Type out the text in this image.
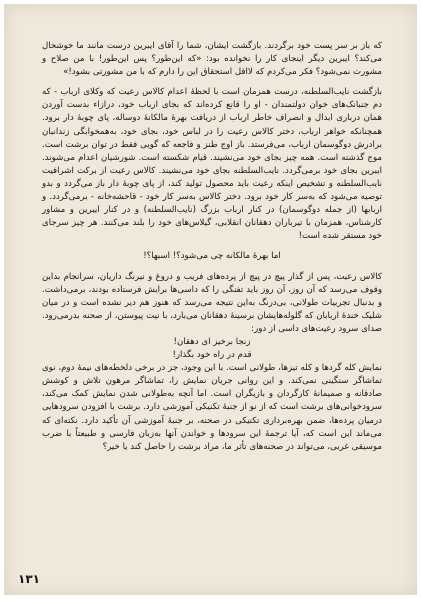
که باز بر سر پست خود برگردند. بازگشت ایشان، شما را آقای ایبرین درست مانند ما خوشحال می‌کند؟ ایبرین دیگر اینجای کار را نخوانده بود: «که این‌طور؟ پس این‌طور! با من صلاح و مشورت نمی‌شود؟ فکر می‌کردم که لااقل استحقاق این را دارم که با من مشورتی بشود!»

بازگشت نایب‌السلطنه، درست همزمان است با لحظهٔ اعدام کالاس رعیت که وکلای ارباب - که دم جنبانک‌های خوان دولتمندان - او را قانع کرده‌اند که بجای ارباب خود، درازاء بدست آوردن همان درباری ابدال و انصراف خاطر ارباب از دریافت بهرهٔ مالکانهٔ دوساله، پای چوبهٔ دار برود. همچنانکه خواهر ارباب، دختر کالاس رعیت را در لباس خود، بجای خود، به‌همخوابگی زندانبان برادرش دوگوسمان ارباب، می‌فرستد. باز اوج طنز و فاجعه که گویی فقط در توان برشت است. موج گذشته است. همه چیز بجای خود می‌نشیند. قیام شکسته است. شورشیان اعدام می‌شوند. ایبرین بجای خود برمی‌گردد. نایب‌السلطنه بجای خود می‌نشیند. کالاس رعیت از برکت اشرافیت نایب‌السلطنه و تشخیص اینکه رعیت باید محصول تولید کند، از پای چوبهٔ دار باز می‌گردد و بدو توصیه می‌شود که به‌سر کار خود برود. دختر کالاس به‌سر کار خود - قاحشه‌خانه - برمی‌گردد. و اربابها (از جمله دوگوسمان) در کنار ارباب بزرگ (نایب‌السلطنه) و در کنار ایبرین و مشاور کارشناس، همزمان با تیرباران دهقانان انقلابی، گیلاس‌های خود را بلند می‌کنند. هر چیز سرجای خود مستقر شده است!

اما بهرهٔ مالکانه چی می‌شود؟! اسبها؟!

کالاس رعیت، پس از گذار پیچ در پیچ از پرده‌های فریب و دروغ و نیرنگ داریان، سرانجام بداین وقوف می‌رسد که آن روز، آن روز باید تفنگی را که داسی‌ها برایش فرستاده بودند، برمی‌داشت. و بدنبال تجربیات طولانی، بی‌درنگ به‌این نتیجه می‌رسد که هنوز هم دیر نشده است و در میان شلیک خندهٔ اربابان که گلوله‌هایشان برسینهٔ دهقانان می‌بارد، با نیت پیوستن، از صحنه بدرمی‌رود. صدای سرود رعیت‌های داسی از دور:

زنجا برخیز ای دهقان!

قدم در راه خود بگذار!

نمایش کله گردها و کله تیزها، طولانی است. با این وجود، جز در برخی دلخطه‌های نیمهٔ دوم، نوی تماشاگر سنگینی نمی‌کند. و این روانی جریان نمایش را، تماشاگر مرهون تلاش و کوشش صادقانه و صمیمانهٔ کارگردان و بازیگران است. اما آنچه به‌طولانی شدن نمایش کمک می‌کند، سرودخوانی‌های برشت است که از نو از جنبهٔ تکنیکی آموزشی دارد. برشت با افزودن سرودهایی درمیان پرده‌ها، ضمن بهره‌برداری تکنیکی در صحنه، بر جنبهٔ آموزشی آن تأکید دارد. نکته‌ای که می‌ماند این است که، آیا ترجمهٔ این سرودها و خواندن آنها به‌زبان فارسی و طبیعتاً با ضرب موسیقی غربی، می‌تواند در صحنه‌های تأثر ما، مراد برشت را حاصل کند یا خیر؟

۱۳۱
